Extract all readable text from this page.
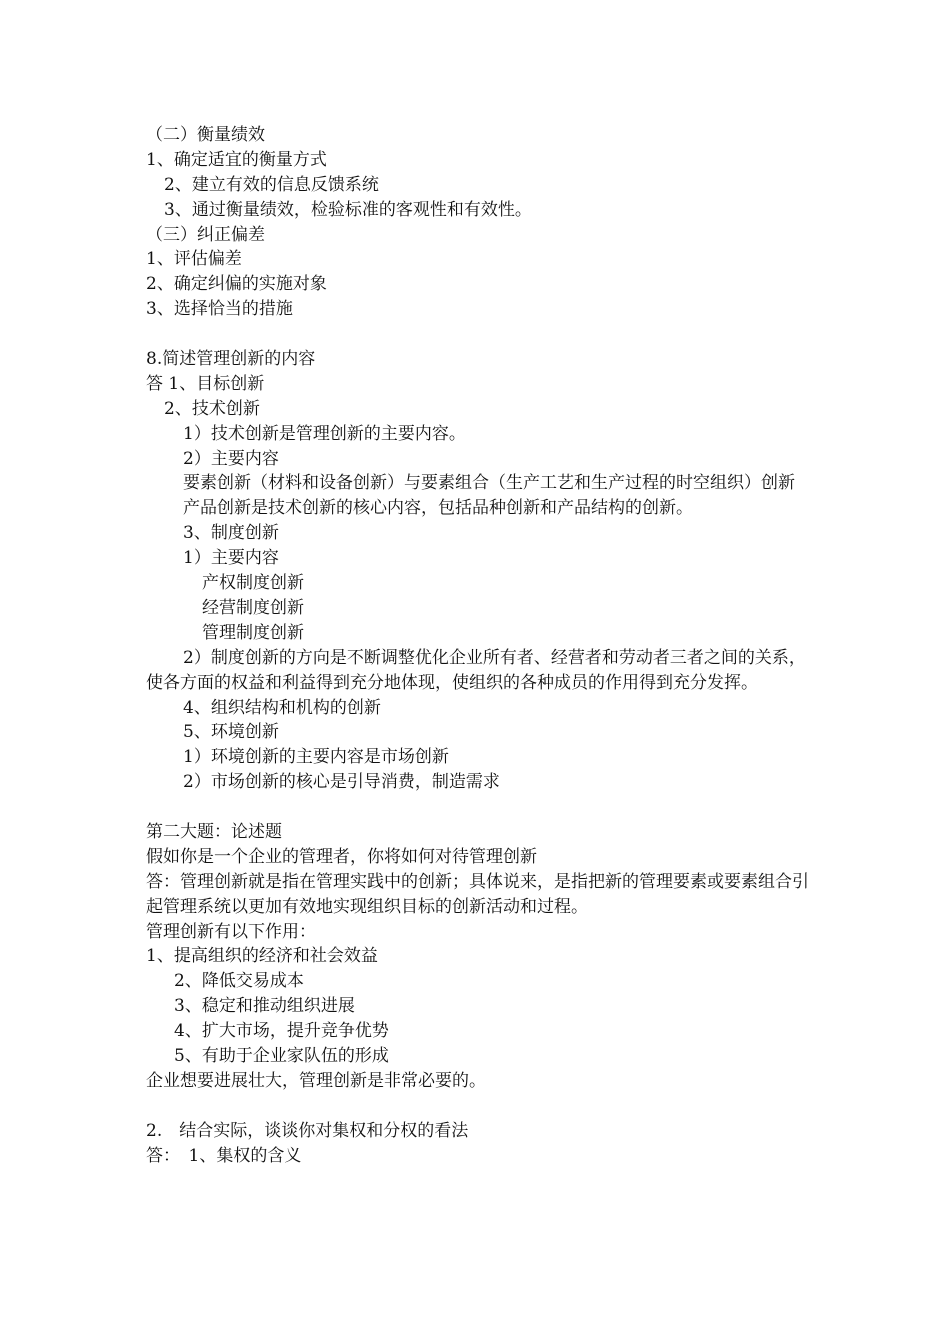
（二）衡量绩效
1、确定适宜的衡量方式
2、建立有效的信息反馈系统
3、通过衡量绩效，检验标准的客观性和有效性。
（三）纠正偏差
1、评估偏差
2、确定纠偏的实施对象
3、选择恰当的措施
8.简述管理创新的内容
答 1、目标创新
2、技术创新
1）技术创新是管理创新的主要内容。
2）主要内容
要素创新（材料和设备创新）与要素组合（生产工艺和生产过程的时空组织）创新
产品创新是技术创新的核心内容，包括品种创新和产品结构的创新。
3、制度创新
1）主要内容
产权制度创新
经营制度创新
管理制度创新
2）制度创新的方向是不断调整优化企业所有者、经营者和劳动者三者之间的关系，使各方面的权益和利益得到充分地体现，使组织的各种成员的作用得到充分发挥。
4、组织结构和机构的创新
5、环境创新
1）环境创新的主要内容是市场创新
2）市场创新的核心是引导消费，制造需求
第二大题：论述题
假如你是一个企业的管理者，你将如何对待管理创新
答：管理创新就是指在管理实践中的创新；具体说来，是指把新的管理要素或要素组合引起管理系统以更加有效地实现组织目标的创新活动和过程。
管理创新有以下作用：
1、提高组织的经济和社会效益
2、降低交易成本
3、稳定和推动组织进展
4、扩大市场，提升竞争优势
5、有助于企业家队伍的形成
企业想要进展壮大，管理创新是非常必要的。
2.　结合实际，谈谈你对集权和分权的看法
答：　1、集权的含义
